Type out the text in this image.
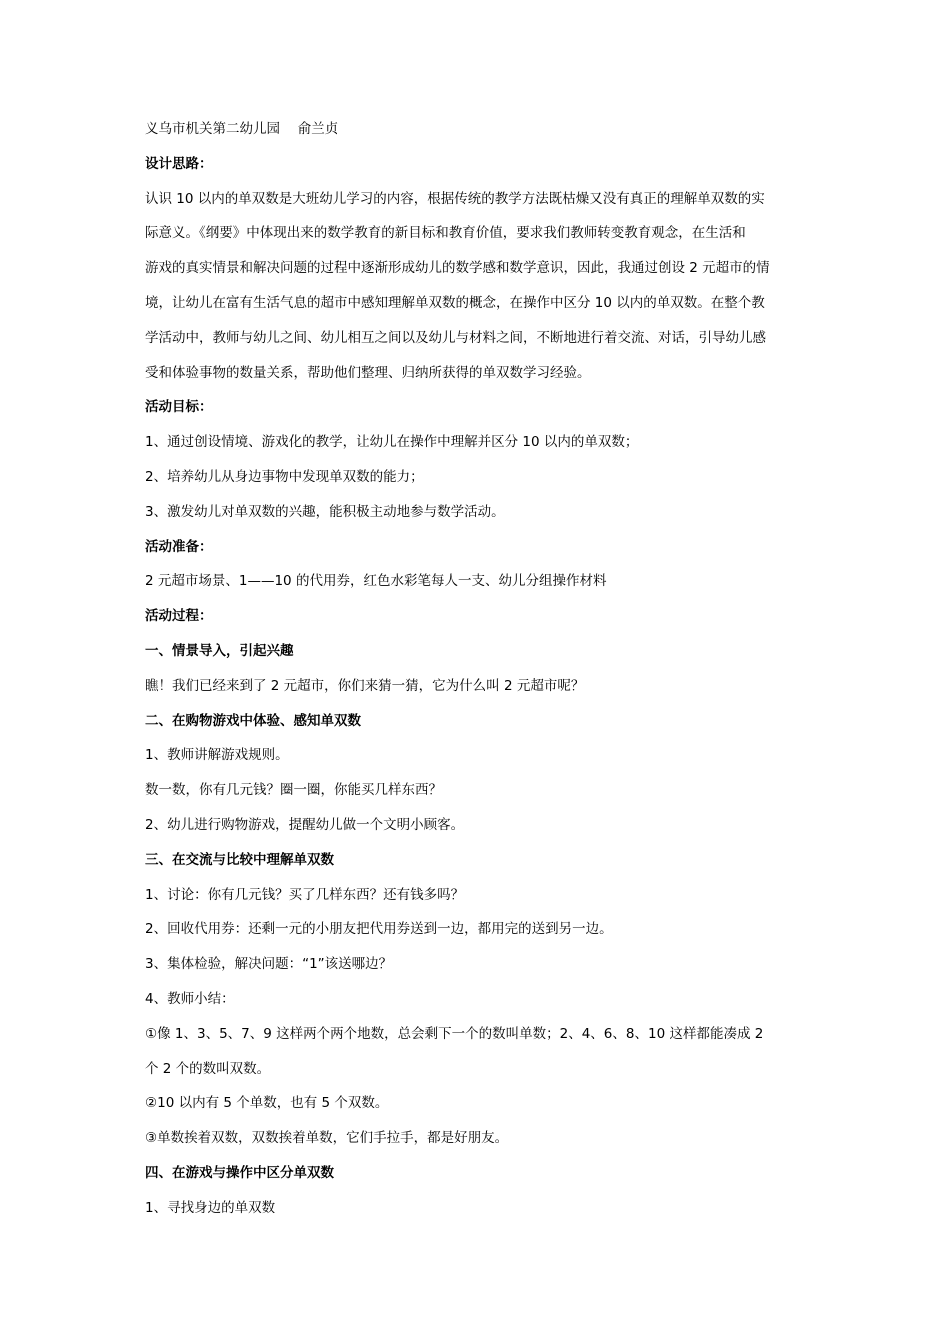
义乌市机关第二幼儿园　 俞兰贞

设计思路：

认识 10 以内的单双数是大班幼儿学习的内容，根据传统的教学方法既枯燥又没有真正的理解单双数的实

际意义。《纲要》中体现出来的数学教育的新目标和教育价值，要求我们教师转变教育观念，在生活和

游戏的真实情景和解决问题的过程中逐渐形成幼儿的数学感和数学意识，因此，我通过创设 2 元超市的情

境，让幼儿在富有生活气息的超市中感知理解单双数的概念，在操作中区分 10 以内的单双数。在整个教

学活动中，教师与幼儿之间、幼儿相互之间以及幼儿与材料之间，不断地进行着交流、对话，引导幼儿感

受和体验事物的数量关系，帮助他们整理、归纳所获得的单双数学习经验。

活动目标：

1、通过创设情境、游戏化的教学，让幼儿在操作中理解并区分 10 以内的单双数；

2、培养幼儿从身边事物中发现单双数的能力；

3、激发幼儿对单双数的兴趣，能积极主动地参与数学活动。

活动准备：

2 元超市场景、1——10 的代用券，红色水彩笔每人一支、幼儿分组操作材料

活动过程：

一、情景导入，引起兴趣

瞧！我们已经来到了 2 元超市，你们来猜一猜，它为什么叫 2 元超市呢？

二、在购物游戏中体验、感知单双数

1、教师讲解游戏规则。

数一数，你有几元钱？圈一圈，你能买几样东西？

2、幼儿进行购物游戏，提醒幼儿做一个文明小顾客。

三、在交流与比较中理解单双数

1、讨论：你有几元钱？买了几样东西？还有钱多吗？

2、回收代用券：还剩一元的小朋友把代用券送到一边，都用完的送到另一边。

3、集体检验，解决问题：“1”该送哪边？

4、教师小结：

①像 1、3、5、7、9 这样两个两个地数，总会剩下一个的数叫单数；2、4、6、8、10 这样都能凑成 2

个 2 个的数叫双数。

②10 以内有 5 个单数，也有 5 个双数。

③单数挨着双数，双数挨着单数，它们手拉手，都是好朋友。

四、在游戏与操作中区分单双数

1、寻找身边的单双数
